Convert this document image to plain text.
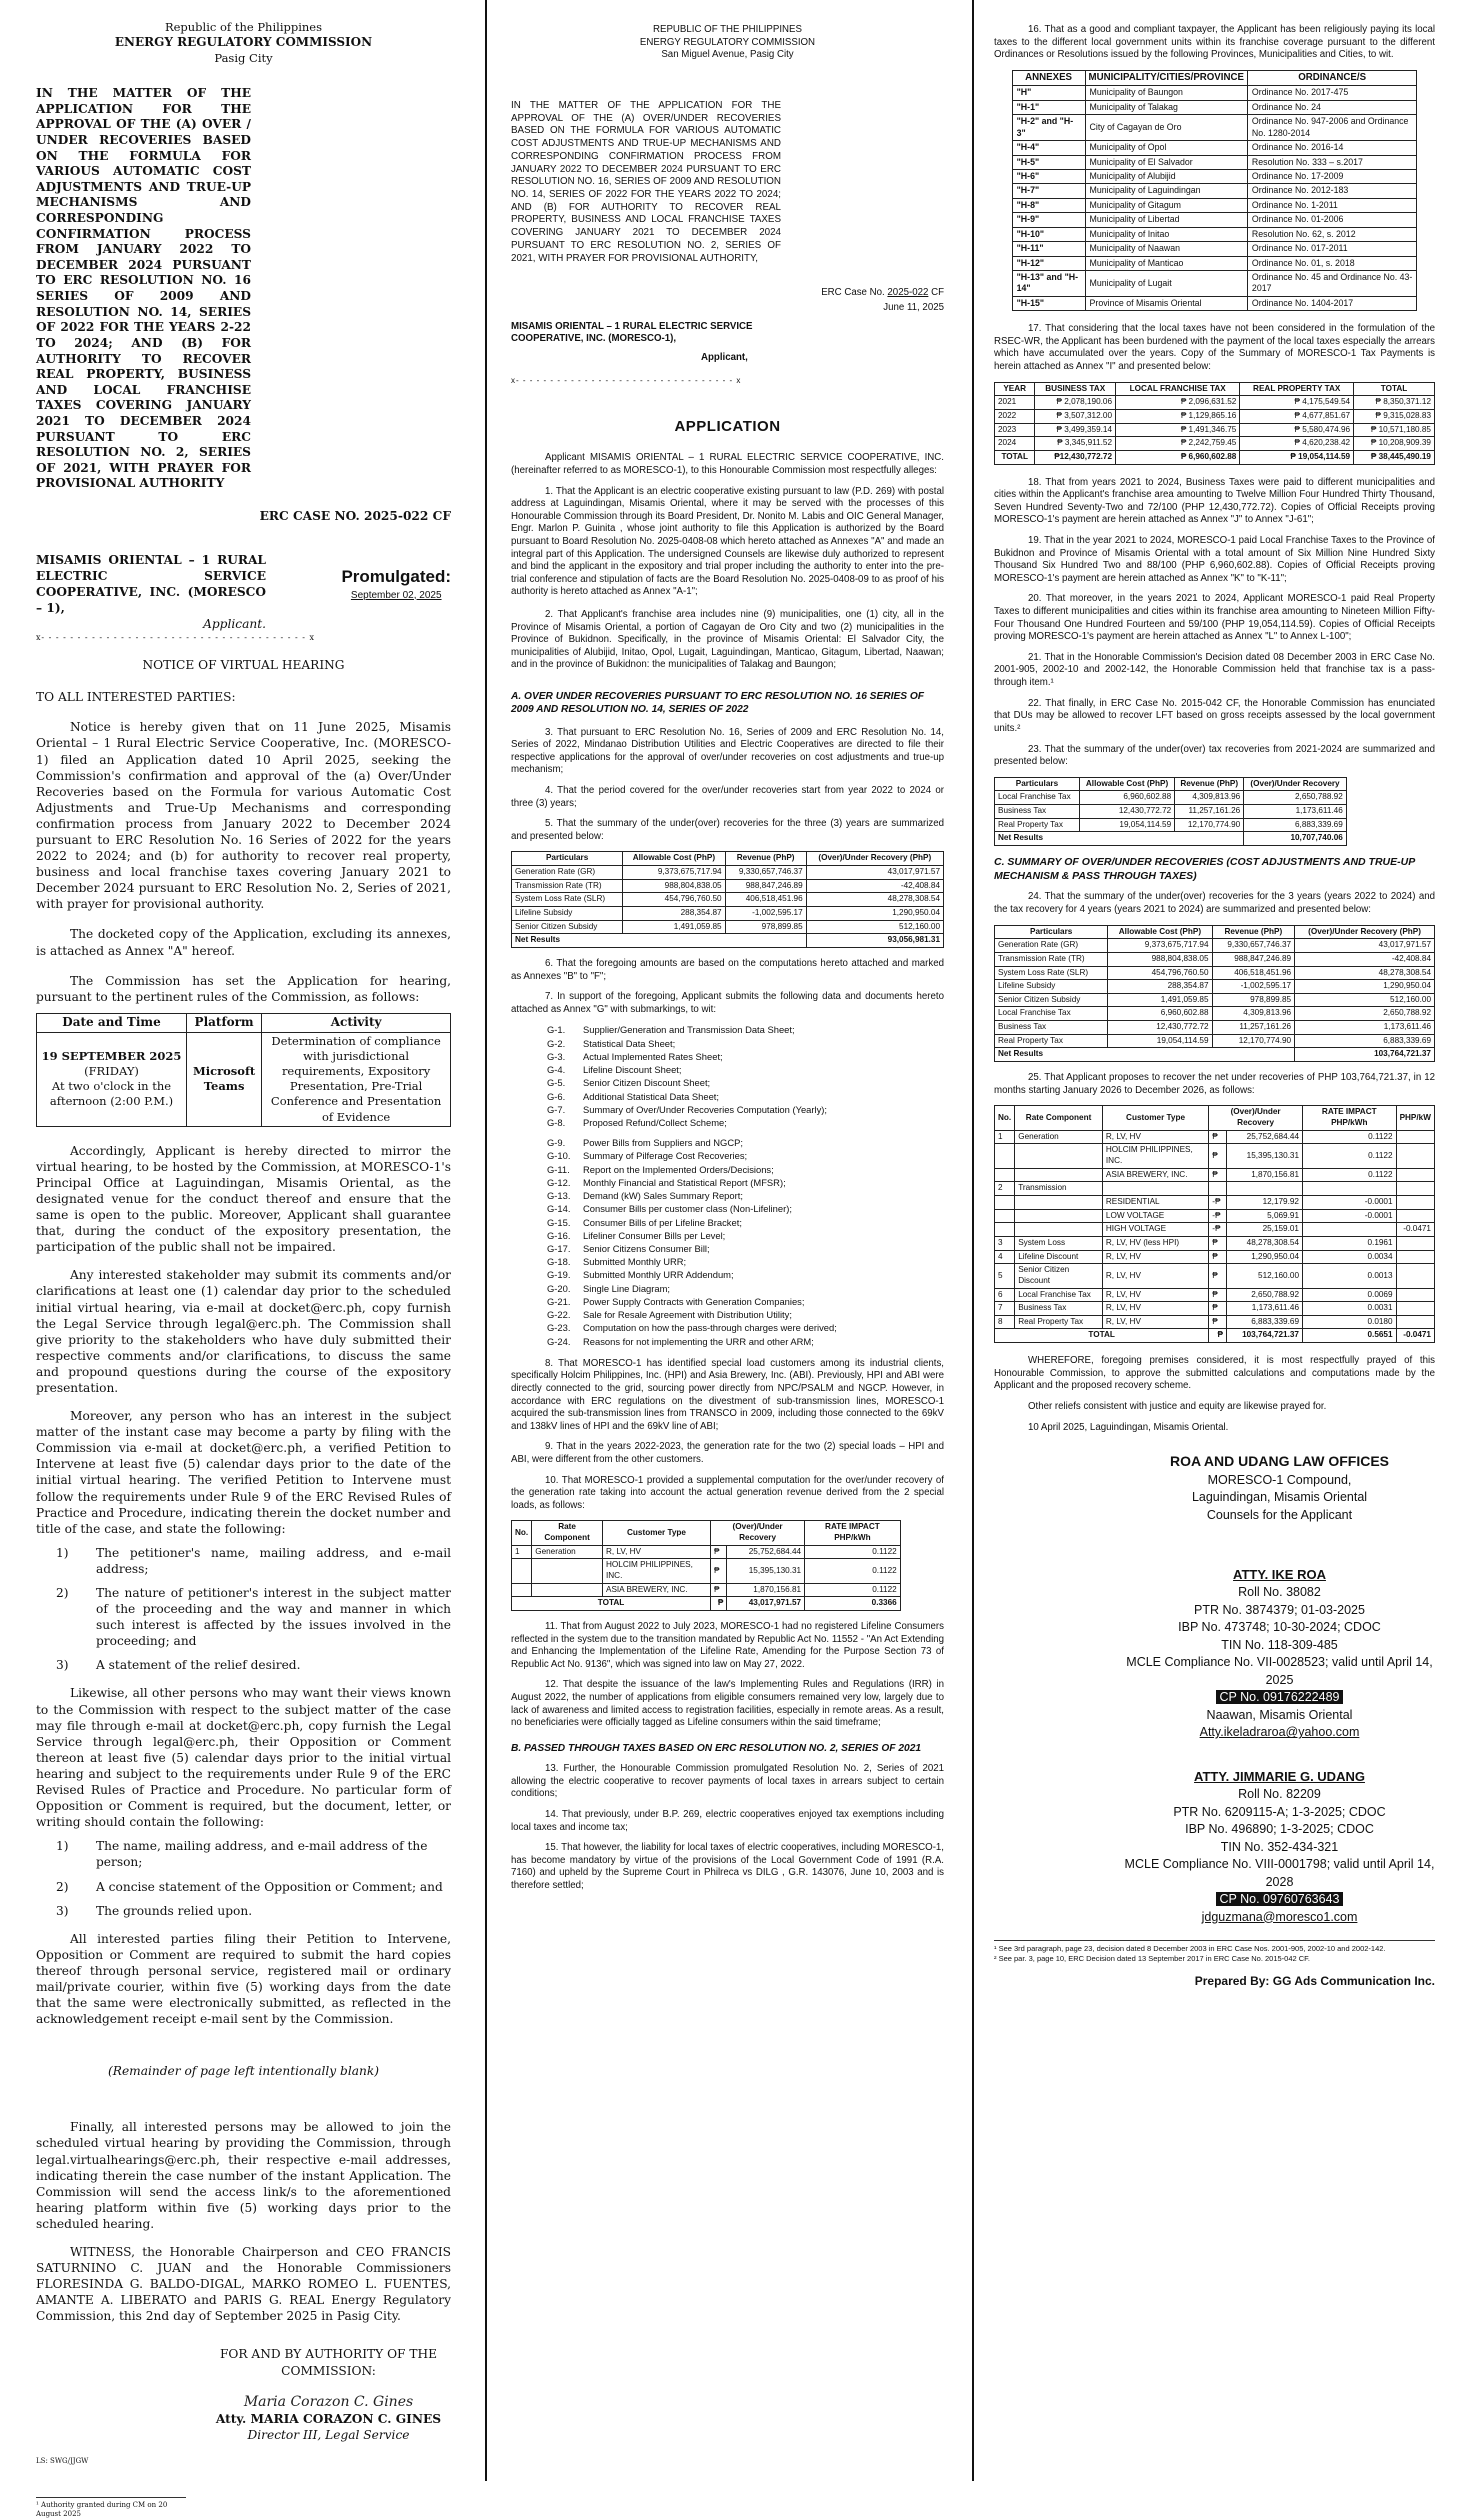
Republic of the Philippines
ENERGY REGULATORY COMMISSION
Pasig City
IN THE MATTER OF THE APPLICATION FOR THE APPROVAL OF THE (A) OVER / UNDER RECOVERIES BASED ON THE FORMULA FOR VARIOUS AUTOMATIC COST ADJUSTMENTS AND TRUE-UP MECHANISMS AND CORRESPONDING CONFIRMATION PROCESS FROM JANUARY 2022 TO DECEMBER 2024 PURSUANT TO ERC RESOLUTION NO. 16 SERIES OF 2009 AND RESOLUTION NO. 14, SERIES OF 2022 FOR THE YEARS 2-22 TO 2024; AND (B) FOR AUTHORITY TO RECOVER REAL PROPERTY, BUSINESS AND LOCAL FRANCHISE TAXES COVERING JANUARY 2021 TO DECEMBER 2024 PURSUANT TO ERC RESOLUTION NO. 2, SERIES OF 2021, WITH PRAYER FOR PROVISIONAL AUTHORITY
ERC CASE NO. 2025-022 CF
MISAMIS ORIENTAL – 1 RURAL ELECTRIC SERVICE COOPERATIVE, INC. (MORESCO – 1),
Applicant.
Promulgated:
September 02, 2025
x- - - - - - - - - - - - - - - - - - - - - - - - - - - - - - - - - - - - - x
NOTICE OF VIRTUAL HEARING
TO ALL INTERESTED PARTIES:

Notice is hereby given that on 11 June 2025, Misamis Oriental – 1 Rural Electric Service Cooperative, Inc. (MORESCO-1) filed an Application dated 10 April 2025, seeking the Commission's confirmation and approval of the (a) Over/Under Recoveries based on the Formula for various Automatic Cost Adjustments and True-Up Mechanisms and corresponding confirmation process from January 2022 to December 2024 pursuant to ERC Resolution No. 16 Series of 2022 for the years 2022 to 2024; and (b) for authority to recover real property, business and local franchise taxes covering January 2021 to December 2024 pursuant to ERC Resolution No. 2, Series of 2021, with prayer for provisional authority.

The docketed copy of the Application, excluding its annexes, is attached as Annex "A" hereof.

The Commission has set the Application for hearing, pursuant to the pertinent rules of the Commission, as follows:

Date and Time	Platform	Activity

19 SEPTEMBER 2025
(FRIDAY)
At two o'clock in the afternoon (2:00 P.M.)	Microsoft Teams	Determination of compliance with jurisdictional requirements, Expository Presentation, Pre-Trial Conference and Presentation of Evidence

Accordingly, Applicant is hereby directed to mirror the virtual hearing, to be hosted by the Commission, at MORESCO-1's Principal Office at Laguindingan, Misamis Oriental, as the designated venue for the conduct thereof and ensure that the same is open to the public. Moreover, Applicant shall guarantee that, during the conduct of the expository presentation, the participation of the public shall not be impaired.

Any interested stakeholder may submit its comments and/or clarifications at least one (1) calendar day prior to the scheduled initial virtual hearing, via e-mail at docket@erc.ph, copy furnish the Legal Service through legal@erc.ph. The Commission shall give priority to the stakeholders who have duly submitted their respective comments and/or clarifications, to discuss the same and propound questions during the course of the expository presentation.

Moreover, any person who has an interest in the subject matter of the instant case may become a party by filing with the Commission via e-mail at docket@erc.ph, a verified Petition to Intervene at least five (5) calendar days prior to the date of the initial virtual hearing. The verified Petition to Intervene must follow the requirements under Rule 9 of the ERC Revised Rules of Practice and Procedure, indicating therein the docket number and title of the case, and state the following:

1)	The petitioner's name, mailing address, and e-mail address;
2)	The nature of petitioner's interest in the subject matter of the proceeding and the way and manner in which such interest is affected by the issues involved in the proceeding; and
3)	A statement of the relief desired.

Likewise, all other persons who may want their views known to the Commission with respect to the subject matter of the case may file through e-mail at docket@erc.ph, copy furnish the Legal Service through legal@erc.ph, their Opposition or Comment thereon at least five (5) calendar days prior to the initial virtual hearing and subject to the requirements under Rule 9 of the ERC Revised Rules of Practice and Procedure. No particular form of Opposition or Comment is required, but the document, letter, or writing should contain the following:

1)	The name, mailing address, and e-mail address of the person;
2)	A concise statement of the Opposition or Comment; and
3)	The grounds relied upon.

All interested parties filing their Petition to Intervene, Opposition or Comment are required to submit the hard copies thereof through personal service, registered mail or ordinary mail/private courier, within five (5) working days from the date that the same were electronically submitted, as reflected in the acknowledgement receipt e-mail sent by the Commission.

(Remainder of page left intentionally blank)

Finally, all interested persons may be allowed to join the scheduled virtual hearing by providing the Commission, through legal.virtualhearings@erc.ph, their respective e-mail addresses, indicating therein the case number of the instant Application. The Commission will send the access link/s to the aforementioned hearing platform within five (5) working days prior to the scheduled hearing.

WITNESS, the Honorable Chairperson and CEO FRANCIS SATURNINO C. JUAN and the Honorable Commissioners FLORESINDA G. BALDO-DIGAL, MARKO ROMEO L. FUENTES, AMANTE A. LIBERATO and PARIS G. REAL Energy Regulatory Commission, this 2nd day of September 2025 in Pasig City.

FOR AND BY AUTHORITY OF THE COMMISSION:
Maria Corazon C. Gines
Atty. MARIA CORAZON C. GINES
Director III, Legal Service
LS: SWG/JJGW
¹ Authority granted during CM on 20 August 2025
REPUBLIC OF THE PHILIPPINES
ENERGY REGULATORY COMMISSION
San Miguel Avenue, Pasig City
IN THE MATTER OF THE APPLICATION FOR THE APPROVAL OF THE (A) OVER/UNDER RECOVERIES BASED ON THE FORMULA FOR VARIOUS AUTOMATIC COST ADJUSTMENTS AND TRUE-UP MECHANISMS AND CORRESPONDING CONFIRMATION PROCESS FROM JANUARY 2022 TO DECEMBER 2024 PURSUANT TO ERC RESOLUTION NO. 16, SERIES OF 2009 AND RESOLUTION NO. 14, SERIES OF 2022 FOR THE YEARS 2022 TO 2024; AND (B) FOR AUTHORITY TO RECOVER REAL PROPERTY, BUSINESS AND LOCAL FRANCHISE TAXES COVERING JANUARY 2021 TO DECEMBER 2024 PURSUANT TO ERC RESOLUTION NO. 2, SERIES OF 2021, WITH PRAYER FOR PROVISIONAL AUTHORITY,
ERC Case No. 2025-022 CF
June 11, 2025
MISAMIS ORIENTAL – 1 RURAL ELECTRIC SERVICE COOPERATIVE, INC. (MORESCO-1),
Applicant,
x- - - - - - - - - - - - - - - - - - - - - - - - - - - - - - - - x
APPLICATION

Applicant MISAMIS ORIENTAL – 1 RURAL ELECTRIC SERVICE COOPERATIVE, INC. (hereinafter referred to as MORESCO-1), to this Honourable Commission most respectfully alleges:

1. That the Applicant is an electric cooperative existing pursuant to law (P.D. 269) with postal address at Laguindingan, Misamis Oriental, where it may be served with the processes of this Honourable Commission through its Board President, Dr. Nonito M. Labis and OIC General Manager, Engr. Marlon P. Guinita , whose joint authority to file this Application is authorized by the Board pursuant to Board Resolution No. 2025-0408-08 which hereto attached as Annexes "A" and made an integral part of this Application. The undersigned Counsels are likewise duly authorized to represent and bind the applicant in the expository and trial proper including the authority to enter into the pre- trial conference and stipulation of facts are the Board Resolution No. 2025-0408-09 to as proof of his authority is hereto attached as Annex "A-1";

2. That Applicant's franchise area includes nine (9) municipalities, one (1) city, all in the Province of Misamis Oriental, a portion of Cagayan de Oro City and two (2) municipalities in the Province of Bukidnon. Specifically, in the province of Misamis Oriental: El Salvador City, the municipalities of Alubijid, Initao, Opol, Lugait, Laguindingan, Manticao, Gitagum, Libertad, Naawan; and in the province of Bukidnon: the municipalities of Talakag and Baungon;

A. OVER UNDER RECOVERIES PURSUANT TO ERC RESOLUTION NO. 16 SERIES OF 2009 AND RESOLUTION NO. 14, SERIES OF 2022

3. That pursuant to ERC Resolution No. 16, Series of 2009 and ERC Resolution No. 14, Series of 2022, Mindanao Distribution Utilities and Electric Cooperatives are directed to file their respective applications for the approval of over/under recoveries on cost adjustments and true-up mechanism;

4. That the period covered for the over/under recoveries start from year 2022 to 2024 or three (3) years;

5. That the summary of the under(over) recoveries for the three (3) years are summarized and presented below:

Particulars	Allowable Cost (PhP)	Revenue (PhP)	(Over)/Under Recovery (PhP)
Generation Rate (GR)	9,373,675,717.94	9,330,657,746.37	43,017,971.57
Transmission Rate (TR)	988,804,838.05	988,847,246.89	-42,408.84
System Loss Rate (SLR)	454,796,760.50	406,518,451.96	48,278,308.54
Lifeline Subsidy	288,354.87	-1,002,595.17	1,290,950.04
Senior Citizen Subsidy	1,491,059.85	978,899.85	512,160.00
Net Results			93,056,981.31

6. That the foregoing amounts are based on the computations hereto attached and marked as Annexes "B" to "F";

7. In support of the foregoing, Applicant submits the following data and documents hereto attached as Annex "G" with submarkings, to wit:

G-1.	Supplier/Generation and Transmission Data Sheet;
G-2.	Statistical Data Sheet;
G-3.	Actual Implemented Rates Sheet;
G-4.	Lifeline Discount Sheet;
G-5.	Senior Citizen Discount Sheet;
G-6.	Additional Statistical Data Sheet;
G-7.	Summary of Over/Under Recoveries Computation (Yearly);
G-8.	Proposed Refund/Collect Scheme;
G-9.	Power Bills from Suppliers and NGCP;
G-10.	Summary of Pilferage Cost Recoveries;
G-11.	Report on the Implemented Orders/Decisions;
G-12.	Monthly Financial and Statistical Report (MFSR);
G-13.	Demand (kW) Sales Summary Report;
G-14.	Consumer Bills per customer class (Non-Lifeliner);
G-15.	Consumer Bills of per Lifeline Bracket;
G-16.	Lifeliner Consumer Bills per Level;
G-17.	Senior Citizens Consumer Bill;
G-18.	Submitted Monthly URR;
G-19.	Submitted Monthly URR Addendum;
G-20.	Single Line Diagram;
G-21.	Power Supply Contracts with Generation Companies;
G-22.	Sale for Resale Agreement with Distribution Utility;
G-23.	Computation on how the pass-through charges were derived;
G-24.	Reasons for not implementing the URR and other ARM;

8. That MORESCO-1 has identified special load customers among its industrial clients, specifically Holcim Philippines, Inc. (HPI) and Asia Brewery, Inc. (ABI). Previously, HPI and ABI were directly connected to the grid, sourcing power directly from NPC/PSALM and NGCP. However, in accordance with ERC regulations on the divestment of sub-transmission lines, MORESCO-1 acquired the sub-transmission lines from TRANSCO in 2009, including those connected to the 69kV and 138kV lines of HPI and the 69kV line of ABI;

9. That in the years 2022-2023, the generation rate for the two (2) special loads – HPI and ABI, were different from the other customers.

10. That MORESCO-1 provided a supplemental computation for the over/under recovery of the generation rate taking into account the actual generation revenue derived from the 2 special loads, as follows:

No.	Rate Component	Customer Type	(Over)/Under Recovery		RATE IMPACT PHP/kWh
1	Generation	R, LV, HV	₱	25,752,684.44	0.1122
		HOLCIM PHILIPPINES, INC.	₱	15,395,130.31	0.1122
		ASIA BREWERY, INC.	₱	1,870,156.81	0.1122
TOTAL			₱	43,017,971.57	0.3366

11. That from August 2022 to July 2023, MORESCO-1 had no registered Lifeline Consumers reflected in the system due to the transition mandated by Republic Act No. 11552 - "An Act Extending and Enhancing the Implementation of the Lifeline Rate, Amending for the Purpose Section 73 of Republic Act No. 9136", which was signed into law on May 27, 2022.

12. That despite the issuance of the law's Implementing Rules and Regulations (IRR) in August 2022, the number of applications from eligible consumers remained very low, largely due to lack of awareness and limited access to registration facilities, especially in remote areas. As a result, no beneficiaries were officially tagged as Lifeline consumers within the said timeframe;

B. PASSED THROUGH TAXES BASED ON ERC RESOLUTION NO. 2, SERIES OF 2021

13. Further, the Honourable Commission promulgated Resolution No. 2, Series of 2021 allowing the electric cooperative to recover payments of local taxes in arrears subject to certain conditions;

14. That previously, under B.P. 269, electric cooperatives enjoyed tax exemptions including local taxes and income tax;

15. That however, the liability for local taxes of electric cooperatives, including MORESCO-1, has become mandatory by virtue of the provisions of the Local Government Code of 1991 (R.A. 7160) and upheld by the Supreme Court in Philreca vs DILG , G.R. 143076, June 10, 2003 and is therefore settled;

16. That as a good and compliant taxpayer, the Applicant has been religiously paying its local taxes to the different local government units within its franchise coverage pursuant to the different Ordinances or Resolutions issued by the following Provinces, Municipalities and Cities, to wit.

ANNEXES	MUNICIPALITY/CITIES/PROVINCE	ORDINANCE/S
"H"	Municipality of Baungon	Ordinance No. 2017-475
"H-1"	Municipality of Talakag	Ordinance No. 24
"H-2" and "H-3"	City of Cagayan de Oro	Ordinance No. 947-2006 and Ordinance No. 1280-2014
"H-4"	Municipality of Opol	Ordinance No. 2016-14
"H-5"	Municipality of El Salvador	Resolution No. 333 – s.2017
"H-6"	Municipality of Alubijid	Ordinance No. 17-2009
"H-7"	Municipality of Laguindingan	Ordinance No. 2012-183
"H-8"	Municipality of Gitagum	Ordinance No. 1-2011
"H-9"	Municipality of Libertad	Ordinance No. 01-2006
"H-10"	Municipality of Initao	Resolution No. 62, s. 2012
"H-11"	Municipality of Naawan	Ordinance No. 017-2011
"H-12"	Municipality of Manticao	Ordinance No. 01, s. 2018
"H-13" and "H-14"	Municipality of Lugait	Ordinance No. 45 and Ordinance No. 43-2017
"H-15"	Province of Misamis Oriental	Ordinance No. 1404-2017

17. That considering that the local taxes have not been considered in the formulation of the RSEC-WR, the Applicant has been burdened with the payment of the local taxes especially the arrears which have accumulated over the years. Copy of the Summary of MORESCO-1 Tax Payments is herein attached as Annex "I" and presented below:

YEAR	BUSINESS TAX	LOCAL FRANCHISE TAX	REAL PROPERTY TAX	TOTAL
2021	₱ 2,078,190.06	₱ 2,096,631.52	₱ 4,175,549.54	₱ 8,350,371.12
2022	₱ 3,507,312.00	₱ 1,129,865.16	₱ 4,677,851.67	₱ 9,315,028.83
2023	₱ 3,499,359.14	₱ 1,491,346.75	₱ 5,580,474.96	₱ 10,571,180.85
2024	₱ 3,345,911.52	₱ 2,242,759.45	₱ 4,620,238.42	₱ 10,208,909.39
TOTAL	₱12,430,772.72	₱ 6,960,602.88	₱ 19,054,114.59	₱ 38,445,490.19

18. That from years 2021 to 2024, Business Taxes were paid to different municipalities and cities within the Applicant's franchise area amounting to Twelve Million Four Hundred Thirty Thousand, Seven Hundred Seventy-Two and 72/100 (PHP 12,430,772.72). Copies of Official Receipts proving MORESCO-1's payment are herein attached as Annex "J" to Annex "J-61";

19. That in the year 2021 to 2024, MORESCO-1 paid Local Franchise Taxes to the Province of Bukidnon and Province of Misamis Oriental with a total amount of Six Million Nine Hundred Sixty Thousand Six Hundred Two and 88/100 (PHP 6,960,602.88). Copies of Official Receipts proving MORESCO-1's payment are herein attached as Annex "K" to "K-11";

20. That moreover, in the years 2021 to 2024, Applicant MORESCO-1 paid Real Property Taxes to different municipalities and cities within its franchise area amounting to Nineteen Million Fifty-Four Thousand One Hundred Fourteen and 59/100 (PHP 19,054,114.59). Copies of Official Receipts proving MORESCO-1's payment are herein attached as Annex "L" to Annex L-100";

21. That in the Honorable Commission's Decision dated 08 December 2003 in ERC Case No. 2001-905, 2002-10 and 2002-142, the Honorable Commission held that franchise tax is a pass-through item.¹

22. That finally, in ERC Case No. 2015-042 CF, the Honorable Commission has enunciated that DUs may be allowed to recover LFT based on gross receipts assessed by the local government units.²

23. That the summary of the under(over) tax recoveries from 2021-2024 are summarized and presented below:

Particulars	Allowable Cost (PhP)	Revenue (PhP)	(Over)/Under Recovery
Local Franchise Tax	6,960,602.88	4,309,813.96	2,650,788.92
Business Tax	12,430,772.72	11,257,161.26	1,173,611.46
Real Property Tax	19,054,114.59	12,170,774.90	6,883,339.69
Net Results			10,707,740.06
C. SUMMARY OF OVER/UNDER RECOVERIES (COST ADJUSTMENTS AND TRUE-UP MECHANISM & PASS THROUGH TAXES)

24. That the summary of the under(over) recoveries for the 3 years (years 2022 to 2024) and the tax recovery for 4 years (years 2021 to 2024) are summarized and presented below:

Particulars	Allowable Cost (PhP)	Revenue (PhP)	(Over)/Under Recovery (PhP)
Generation Rate (GR)	9,373,675,717.94	9,330,657,746.37	43,017,971.57
Transmission Rate (TR)	988,804,838.05	988,847,246.89	-42,408.84
System Loss Rate (SLR)	454,796,760.50	406,518,451.96	48,278,308.54
Lifeline Subsidy	288,354.87	-1,002,595.17	1,290,950.04
Senior Citizen Subsidy	1,491,059.85	978,899.85	512,160.00
Local Franchise Tax	6,960,602.88	4,309,813.96	2,650,788.92
Business Tax	12,430,772.72	11,257,161.26	1,173,611.46
Real Property Tax	19,054,114.59	12,170,774.90	6,883,339.69
Net Results			103,764,721.37

25. That Applicant proposes to recover the net under recoveries of PHP 103,764,721.37, in 12 months starting January 2026 to December 2026, as follows:

No.	Rate Component	Customer Type	(Over)/Under Recovery		RATE IMPACT PHP/kWh	PHP/kW
1	Generation	R, LV, HV	₱	25,752,684.44	0.1122	
		HOLCIM PHILIPPINES, INC.	₱	15,395,130.31	0.1122	
		ASIA BREWERY, INC.	₱	1,870,156.81	0.1122	
2	Transmission					
		RESIDENTIAL	-₱	12,179.92	-0.0001	
		LOW VOLTAGE	-₱	5,069.91	-0.0001	
		HIGH VOLTAGE	-₱	25,159.01		-0.0471
3	System Loss	R, LV, HV (less HPI)	₱	48,278,308.54	0.1961	
4	Lifeline Discount	R, LV, HV	₱	1,290,950.04	0.0034	
5	Senior Citizen Discount	R, LV, HV	₱	512,160.00	0.0013	
6	Local Franchise Tax	R, LV, HV	₱	2,650,788.92	0.0069	
7	Business Tax	R, LV, HV	₱	1,173,611.46	0.0031	
8	Real Property Tax	R, LV, HV	₱	6,883,339.69	0.0180	
TOTAL			₱	103,764,721.37	0.5651	-0.0471

WHEREFORE, foregoing premises considered, it is most respectfully prayed of this Honourable Commission, to approve the submitted calculations and computations made by the Applicant and the proposed recovery scheme.

Other reliefs consistent with justice and equity are likewise prayed for.

10 April 2025, Laguindingan, Misamis Oriental.

ROA AND UDANG LAW OFFICES
MORESCO-1 Compound,
Laguindingan, Misamis Oriental
Counsels for the Applicant
ATTY. IKE ROA
Roll No. 38082
PTR No. 3874379; 01-03-2025
IBP No. 473748; 10-30-2024; CDOC
TIN No. 118-309-485
MCLE Compliance No. VII-0028523; valid until April 14, 2025
CP No. 09176222489
Naawan, Misamis Oriental
Atty.ikeladraroa@yahoo.com
ATTY. JIMMARIE G. UDANG
Roll No. 82209
PTR No. 6209115-A; 1-3-2025; CDOC
IBP No. 496890; 1-3-2025; CDOC
TIN No. 352-434-321
MCLE Compliance No. VIII-0001798; valid until April 14, 2028
CP No. 09760763643
jdguzmana@moresco1.com
¹ See 3rd paragraph, page 23, decision dated 8 December 2003 in ERC Case Nos. 2001-905, 2002-10 and 2002-142.
² See par. 3, page 10, ERC Decision dated 13 September 2017 in ERC Case No. 2015-042 CF.
Prepared By: GG Ads Communication Inc.
